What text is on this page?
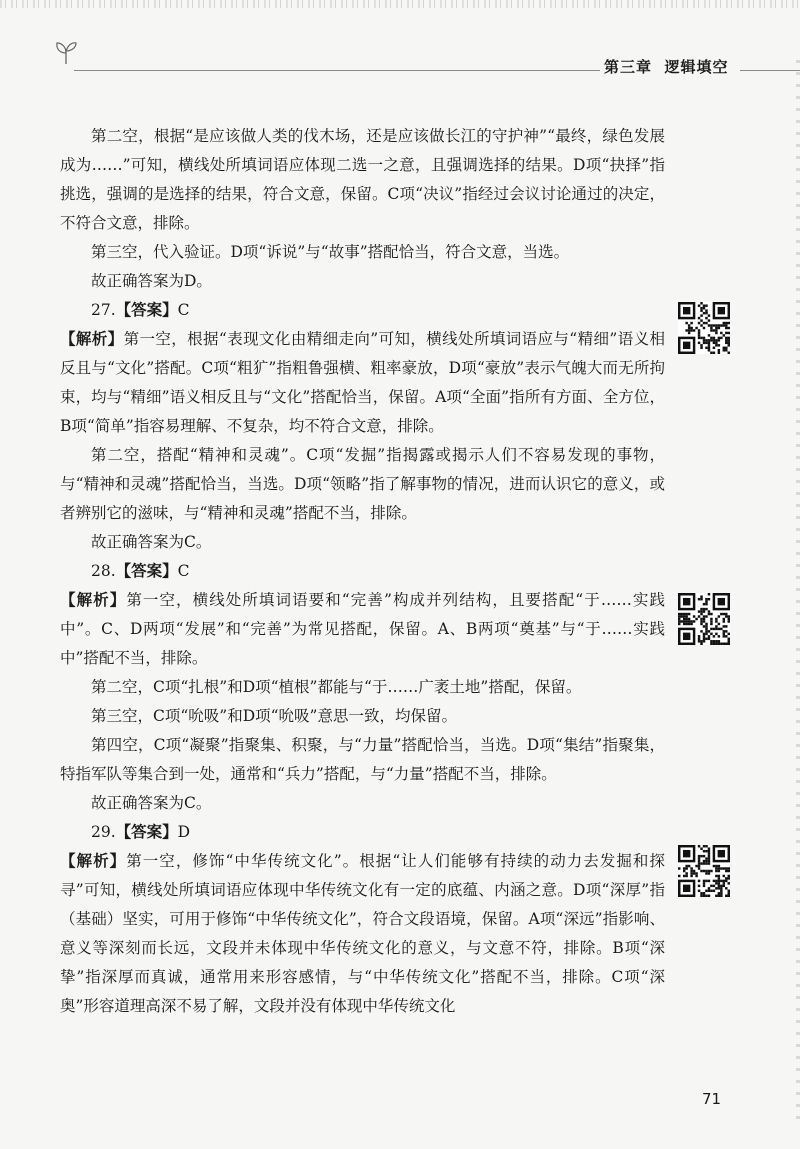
第三章 逻辑填空

第二空，根据“是应该做人类的伐木场，还是应该做长江的守护神”“最终，绿色发展成为……”可知，横线处所填词语应体现二选一之意，且强调选择的结果。D项“抉择”指挑选，强调的是选择的结果，符合文意，保留。C项“决议”指经过会议讨论通过的决定，不符合文意，排除。

第三空，代入验证。D项“诉说”与“故事”搭配恰当，符合文意，当选。

故正确答案为D。

27.【答案】C

【解析】第一空，根据“表现文化由精细走向”可知，横线处所填词语应与“精细”语义相反且与“文化”搭配。C项“粗犷”指粗鲁强横、粗率豪放，D项“豪放”表示气魄大而无所拘束，均与“精细”语义相反且与“文化”搭配恰当，保留。A项“全面”指所有方面、全方位，B项“简单”指容易理解、不复杂，均不符合文意，排除。

第二空，搭配“精神和灵魂”。C项“发掘”指揭露或揭示人们不容易发现的事物，与“精神和灵魂”搭配恰当，当选。D项“领略”指了解事物的情况，进而认识它的意义，或者辨别它的滋味，与“精神和灵魂”搭配不当，排除。

故正确答案为C。

28.【答案】C

【解析】第一空，横线处所填词语要和“完善”构成并列结构，且要搭配“于……实践中”。C、D两项“发展”和“完善”为常见搭配，保留。A、B两项“奠基”与“于……实践中”搭配不当，排除。

第二空，C项“扎根”和D项“植根”都能与“于……广袤土地”搭配，保留。

第三空，C项“吮吸”和D项“吮吸”意思一致，均保留。

第四空，C项“凝聚”指聚集、积聚，与“力量”搭配恰当，当选。D项“集结”指聚集，特指军队等集合到一处，通常和“兵力”搭配，与“力量”搭配不当，排除。

故正确答案为C。

29.【答案】D

【解析】第一空，修饰“中华传统文化”。根据“让人们能够有持续的动力去发掘和探寻”可知，横线处所填词语应体现中华传统文化有一定的底蕴、内涵之意。D项“深厚”指（基础）坚实，可用于修饰“中华传统文化”，符合文段语境，保留。A项“深远”指影响、意义等深刻而长远，文段并未体现中华传统文化的意义，与文意不符，排除。B项“深挚”指深厚而真诚，通常用来形容感情，与“中华传统文化”搭配不当，排除。C项“深奥”形容道理高深不易了解，文段并没有体现中华传统文化

71
